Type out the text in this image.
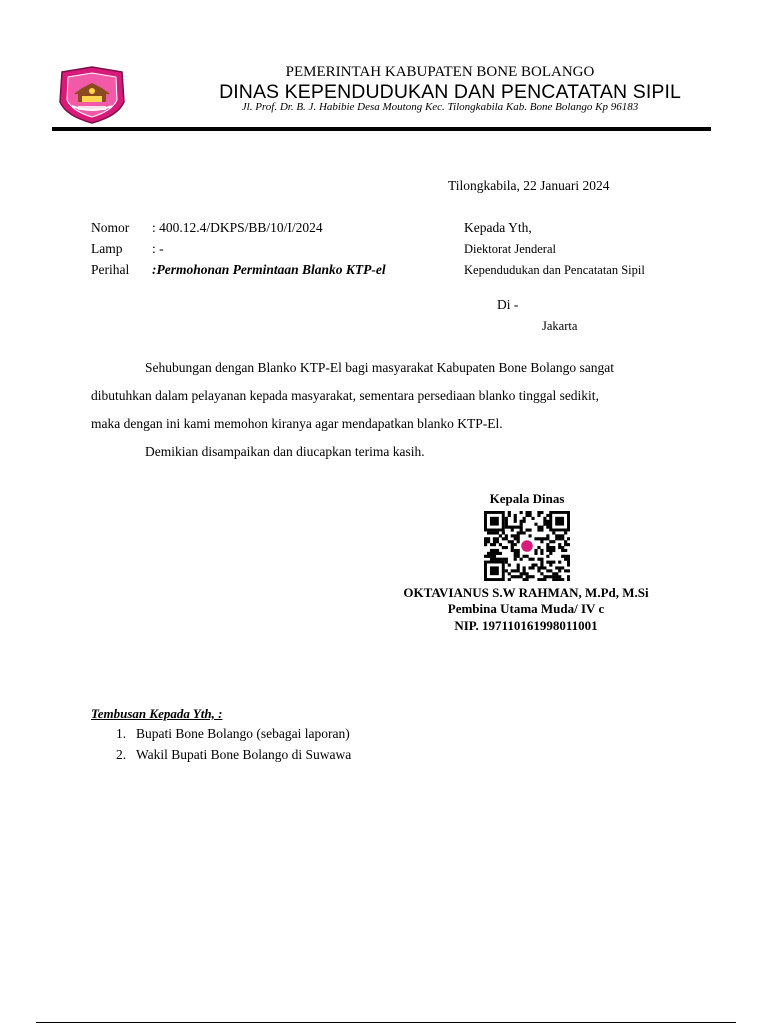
PEMERINTAH KABUPATEN BONE BOLANGO
DINAS KEPENDUDUKAN DAN PENCATATAN SIPIL
Jl. Prof. Dr. B. J. Habibie Desa Moutong Kec. Tilongkabila Kab. Bone Bolango Kp 96183
Tilongkabila, 22 Januari 2024
Nomor : 400.12.4/DKPS/BB/10/I/2024
Lamp : -
Perihal :Permohonan Permintaan Blanko KTP-el
Kepada Yth,
Diektorat Jenderal
Kependudukan dan Pencatatan Sipil
Di -
Jakarta
Sehubungan dengan Blanko KTP-El bagi masyarakat Kabupaten Bone Bolango sangat
dibutuhkan dalam pelayanan kepada masyarakat, sementara persediaan blanko tinggal sedikit,
maka dengan ini kami memohon kiranya agar mendapatkan blanko KTP-El.
Demikian disampaikan dan diucapkan terima kasih.
Kepala Dinas
OKTAVIANUS S.W RAHMAN, M.Pd, M.Si
Pembina Utama Muda/ IV c
NIP. 197110161998011001
Tembusan Kepada Yth, :
1. Bupati Bone Bolango (sebagai laporan)
2. Wakil Bupati Bone Bolango di Suwawa
